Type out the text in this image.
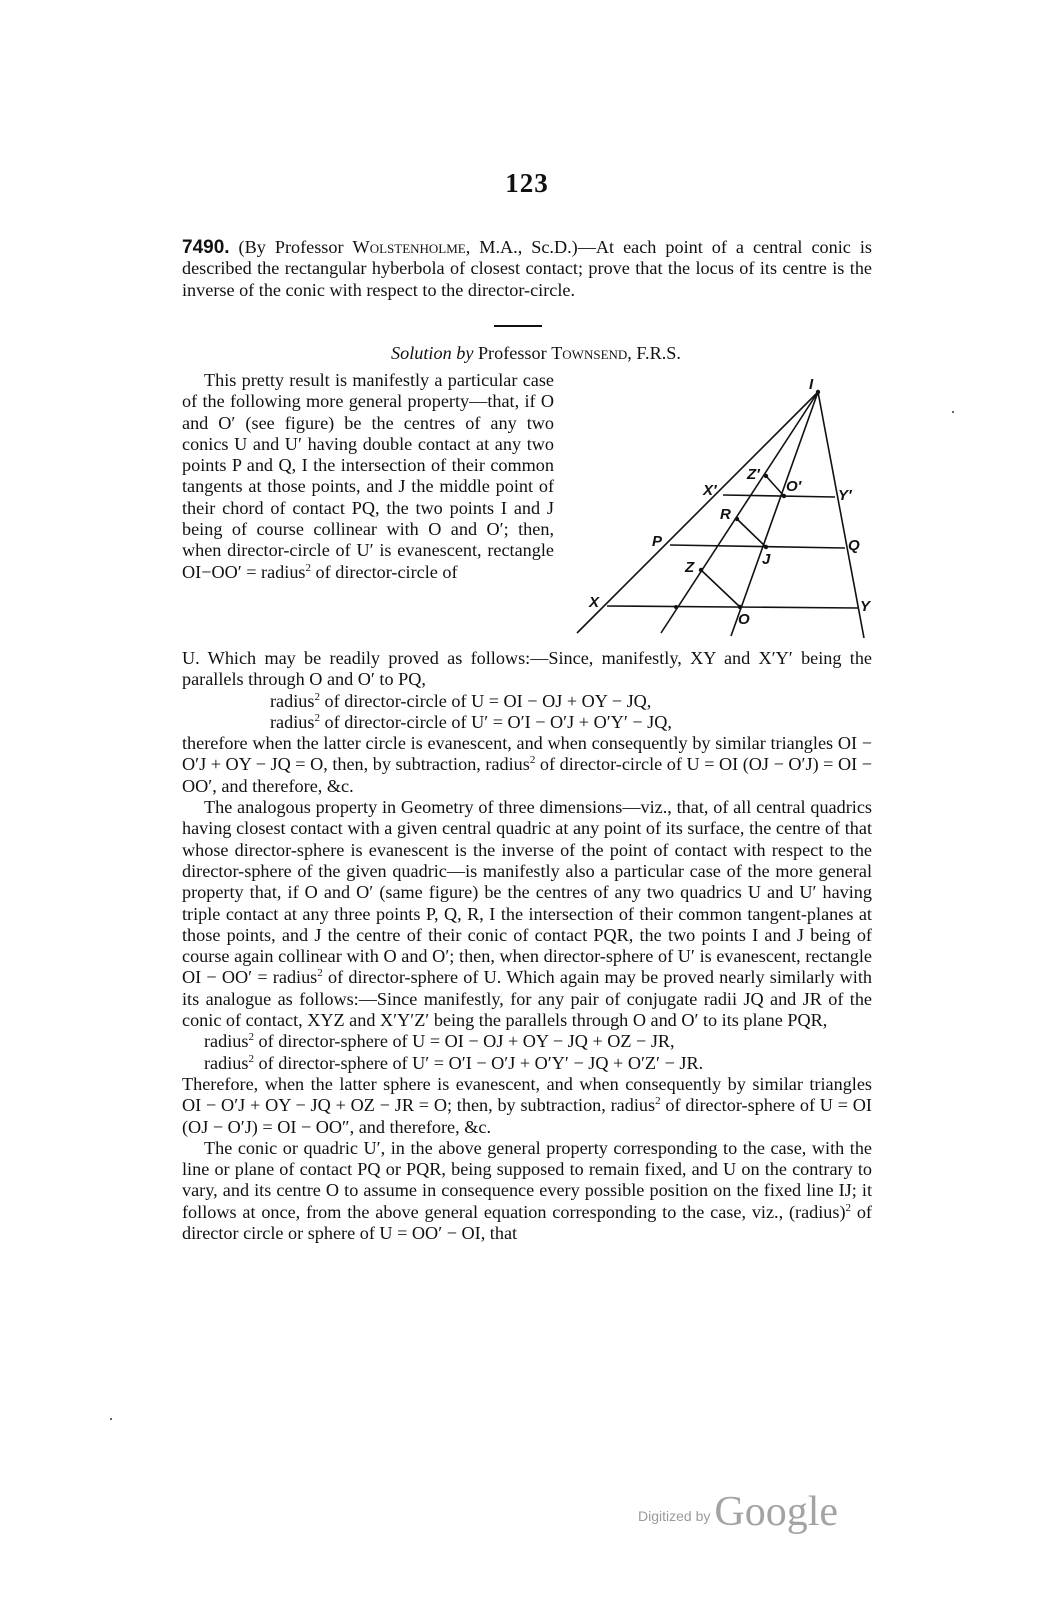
123
7490. (By Professor Wolstenholme, M.A., Sc.D.)—At each point of a central conic is described the rectangular hyberbola of closest contact; prove that the locus of its centre is the inverse of the conic with respect to the director-circle.
Solution by Professor Townsend, F.R.S.

This pretty result is manifestly a particular case of the following more general property—that, if O and O′ (see figure) be the centres of any two conics U and U′ having double contact at any two points P and Q, I the intersection of their common tangents at those points, and J the middle point of their chord of contact PQ, the two points I and J being of course collinear with O and O′; then, when director-circle of U′ is evanescent, rectangle OI−OO′ = radius$^2$ of director-circle of

I
X′
Z′
O′
Y′
R
P
J
Q
Z
X
O
Y

U. Which may be readily proved as follows:—Since, manifestly, XY and X′Y′ being the parallels through O and O′ to PQ,

radius$^2$ of director-circle of U = OI − OJ + OY − JQ,

radius$^2$ of director-circle of U′ = O′I − O′J + O′Y′ − JQ,

therefore when the latter circle is evanescent, and when consequently by similar triangles OI − O′J + OY − JQ = O, then, by subtraction, radius$^2$ of director-circle of U = OI (OJ − O′J) = OI − OO′, and therefore, &c.

The analogous property in Geometry of three dimensions—viz., that, of all central quadrics having closest contact with a given central quadric at any point of its surface, the centre of that whose director-sphere is evanescent is the inverse of the point of contact with respect to the director-sphere of the given quadric—is manifestly also a particular case of the more general property that, if O and O′ (same figure) be the centres of any two quadrics U and U′ having triple contact at any three points P, Q, R, I the intersection of their common tangent-planes at those points, and J the centre of their conic of contact PQR, the two points I and J being of course again collinear with O and O′; then, when director-sphere of U′ is evanescent, rectangle OI − OO′ = radius$^2$ of director-sphere of U. Which again may be proved nearly similarly with its analogue as follows:—Since manifestly, for any pair of conjugate radii JQ and JR of the conic of contact, XYZ and X′Y′Z′ being the parallels through O and O′ to its plane PQR,

radius$^2$ of director-sphere of U = OI − OJ + OY − JQ + OZ − JR,

radius$^2$ of director-sphere of U′ = O′I − O′J + O′Y′ − JQ + O′Z′ − JR.

Therefore, when the latter sphere is evanescent, and when consequently by similar triangles OI − O′J + OY − JQ + OZ − JR = O; then, by subtraction, radius$^2$ of director-sphere of U = OI (OJ − O′J) = OI − OO″, and therefore, &c.

The conic or quadric U′, in the above general property corresponding to the case, with the line or plane of contact PQ or PQR, being supposed to remain fixed, and U on the contrary to vary, and its centre O to assume in consequence every possible position on the fixed line IJ; it follows at once, from the above general equation corresponding to the case, viz., (radius)$^2$ of director circle or sphere of U = OO′ − OI, that

Digitized by Google
